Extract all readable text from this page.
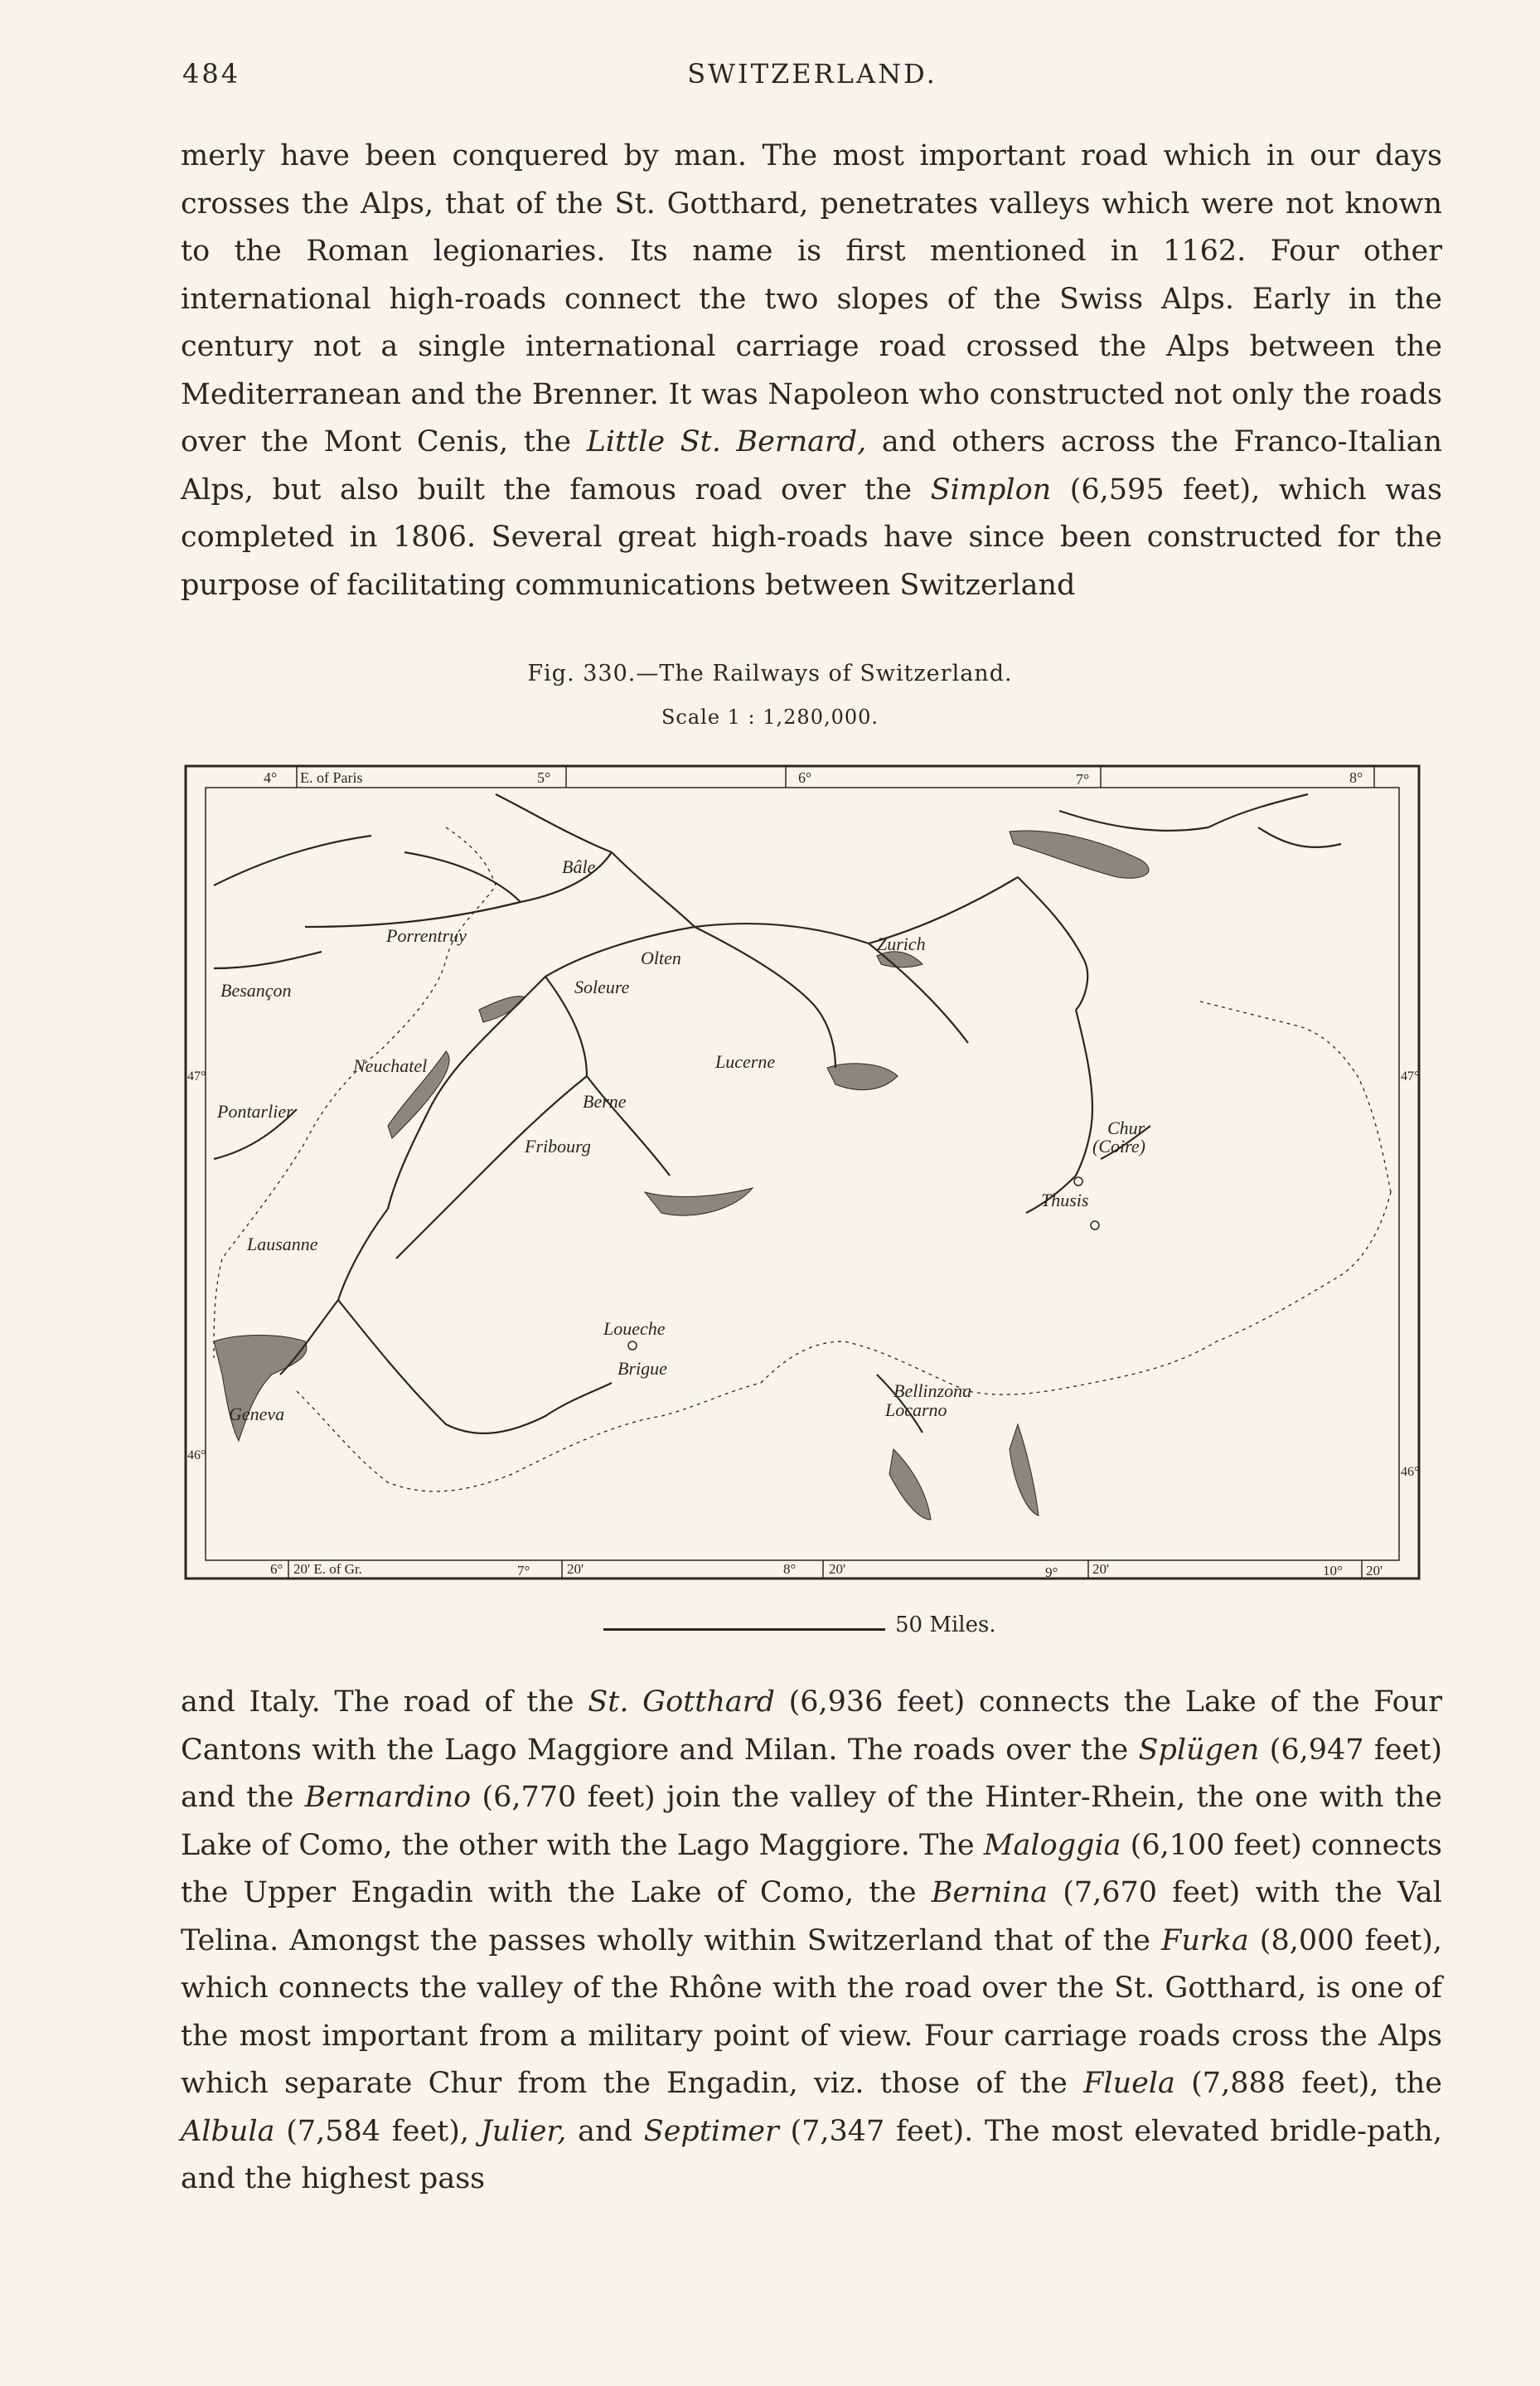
484	SWITZERLAND.

merly have been conquered by man. The most important road which in our days crosses the Alps, that of the St. Gotthard, penetrates valleys which were not known to the Roman legionaries. Its name is first mentioned in 1162. Four other international high-roads connect the two slopes of the Swiss Alps. Early in the century not a single international carriage road crossed the Alps between the Mediterranean and the Brenner. It was Napoleon who constructed not only the roads over the Mont Cenis, the Little St. Bernard, and others across the Franco-Italian Alps, but also built the famous road over the Simplon (6,595 feet), which was completed in 1806. Several great high-roads have since been constructed for the purpose of facilitating communications between Switzerland

Fig. 330.—The Railways of Switzerland.
Scale 1 : 1,280,000.
4° E. of Paris	5°	6°	7°	8°
6° 20' E. of Gr.	7°	20'	8° 20'	9° 20'	10° 20'
47°	47°
46°
46°
Bâle
Porrentruy
Olten
Soleure
Besançon
Neuchatel
Zurich
Lucerne
Berne
Pontarlier
Fribourg
Chur
(Coire)
Thusis
Lausanne
Loueche
Brigue
Bellinzona
Locarno
Geneva
50 Miles.

and Italy. The road of the St. Gotthard (6,936 feet) connects the Lake of the Four Cantons with the Lago Maggiore and Milan. The roads over the Splügen (6,947 feet) and the Bernardino (6,770 feet) join the valley of the Hinter-Rhein, the one with the Lake of Como, the other with the Lago Maggiore. The Maloggia (6,100 feet) connects the Upper Engadin with the Lake of Como, the Bernina (7,670 feet) with the Val Telina. Amongst the passes wholly within Switzerland that of the Furka (8,000 feet), which connects the valley of the Rhône with the road over the St. Gotthard, is one of the most important from a military point of view. Four carriage roads cross the Alps which separate Chur from the Engadin, viz. those of the Fluela (7,888 feet), the Albula (7,584 feet), Julier, and Septimer (7,347 feet). The most elevated bridle-path, and the highest pass
